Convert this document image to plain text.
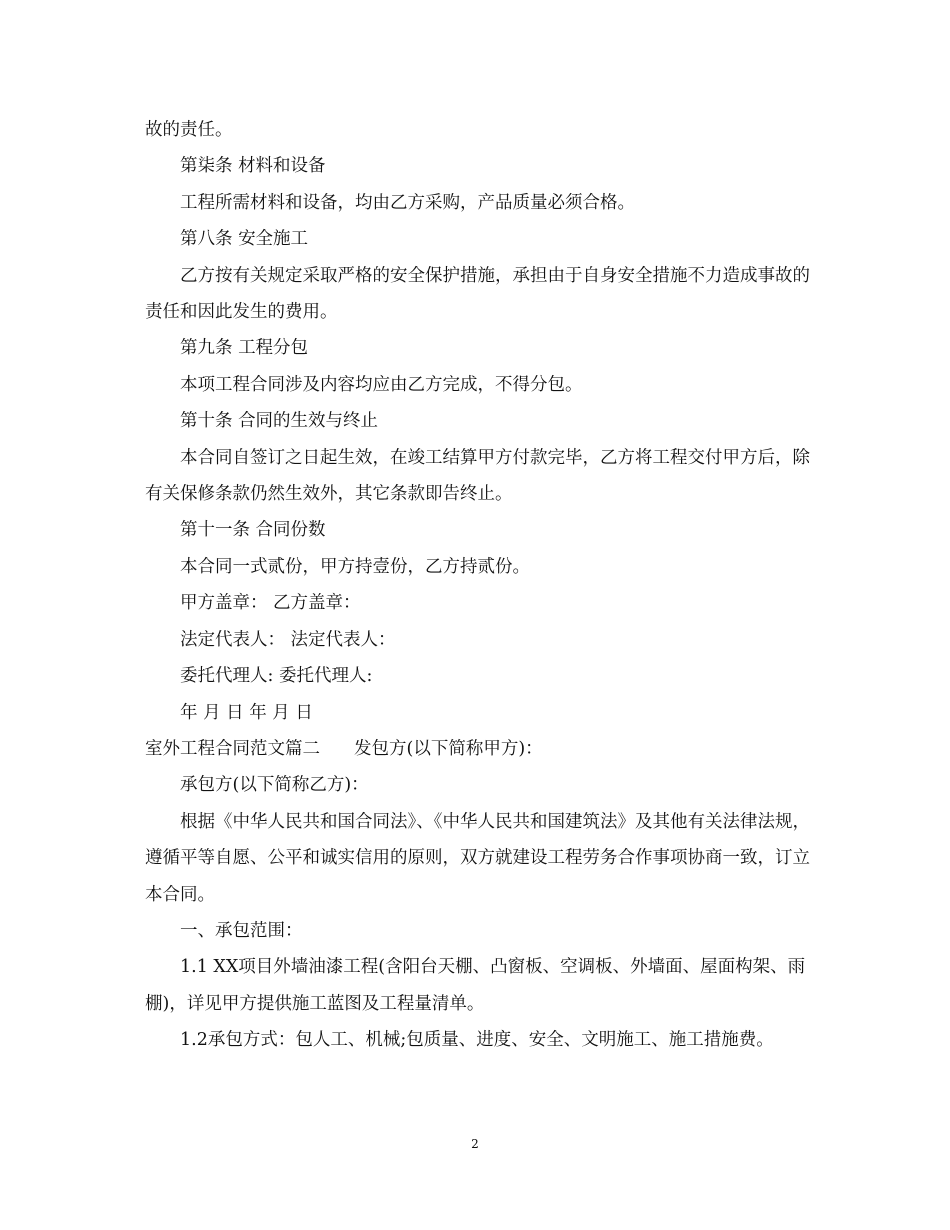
故的责任。

第柒条 材料和设备

工程所需材料和设备，均由乙方采购，产品质量必须合格。

第八条 安全施工

乙方按有关规定采取严格的安全保护措施，承担由于自身安全措施不力造成事故的责任和因此发生的费用。

第九条 工程分包

本项工程合同涉及内容均应由乙方完成，不得分包。

第十条 合同的生效与终止

本合同自签订之日起生效，在竣工结算甲方付款完毕，乙方将工程交付甲方后，除有关保修条款仍然生效外，其它条款即告终止。

第十一条 合同份数

本合同一式贰份，甲方持壹份，乙方持贰份。

甲方盖章： 乙方盖章：

法定代表人： 法定代表人：

委托代理人: 委托代理人:

年 月 日 年 月 日

室外工程合同范文篇二 发包方(以下简称甲方)：

承包方(以下简称乙方)：

根据《中华人民共和国合同法》、《中华人民共和国建筑法》及其他有关法律法规，遵循平等自愿、公平和诚实信用的原则，双方就建设工程劳务合作事项协商一致，订立本合同。

一、承包范围：

1.1 XX项目外墙油漆工程(含阳台天棚、凸窗板、空调板、外墙面、屋面构架、雨棚)，详见甲方提供施工蓝图及工程量清单。

1.2承包方式：包人工、机械;包质量、进度、安全、文明施工、施工措施费。

2
